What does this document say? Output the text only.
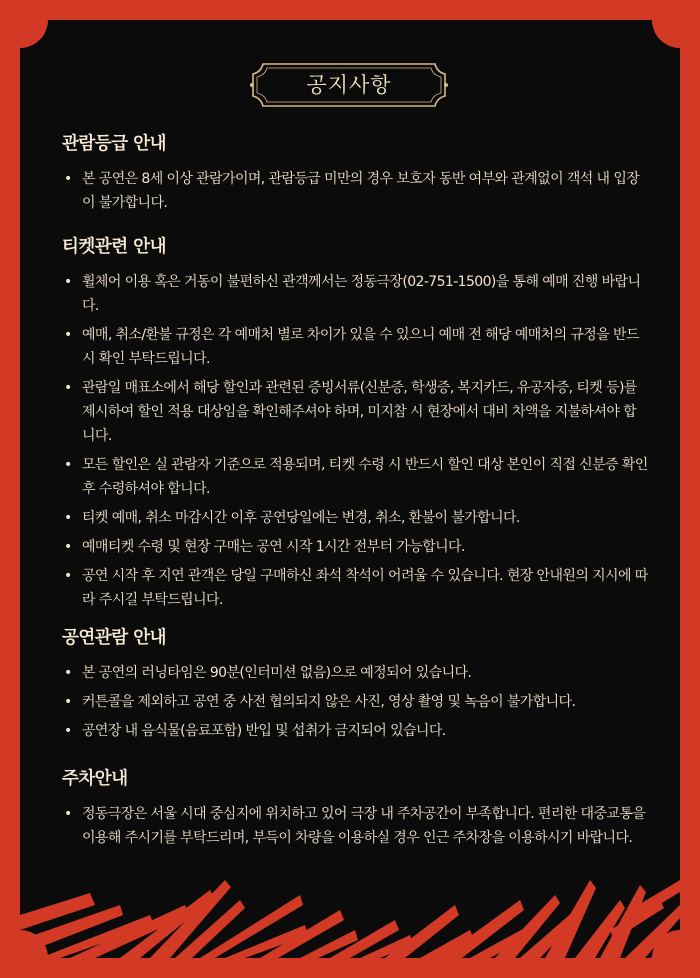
공지사항
관람등급 안내
• 본 공연은 8세 이상 관람가이며, 관람등급 미만의 경우 보호자 동반 여부와 관계없이 객석 내 입장이 불가합니다.
티켓관련 안내
• 휠체어 이용 혹은 거동이 불편하신 관객께서는 정동극장(02-751-1500)을 통해 예매 진행 바랍니다.
• 예매, 취소/환불 규정은 각 예매처 별로 차이가 있을 수 있으니 예매 전 해당 예매처의 규정을 반드시 확인 부탁드립니다.
• 관람일 매표소에서 해당 할인과 관련된 증빙서류(신분증, 학생증, 복지카드, 유공자증, 티켓 등)를 제시하여 할인 적용 대상임을 확인해주셔야 하며, 미지참 시 현장에서 대비 차액을 지불하셔야 합니다.
• 모든 할인은 실 관람자 기준으로 적용되며, 티켓 수령 시 반드시 할인 대상 본인이 직접 신분증 확인 후 수령하셔야 합니다.
• 티켓 예매, 취소 마감시간 이후 공연당일에는 변경, 취소, 환불이 불가합니다.
• 예매티켓 수령 및 현장 구매는 공연 시작 1시간 전부터 가능합니다.
• 공연 시작 후 지연 관객은 당일 구매하신 좌석 착석이 어려울 수 있습니다. 현장 안내원의 지시에 따라 주시길 부탁드립니다.
공연관람 안내
• 본 공연의 러닝타임은 90분(인터미션 없음)으로 예정되어 있습니다.
• 커튼콜을 제외하고 공연 중 사전 협의되지 않은 사진, 영상 촬영 및 녹음이 불가합니다.
• 공연장 내 음식물(음료포함) 반입 및 섭취가 금지되어 있습니다.
주차안내
• 정동극장은 서울 시대 중심지에 위치하고 있어 극장 내 주차공간이 부족합니다. 편리한 대중교통을 이용해 주시기를 부탁드리며, 부득이 차량을 이용하실 경우 인근 주차장을 이용하시기 바랍니다.
